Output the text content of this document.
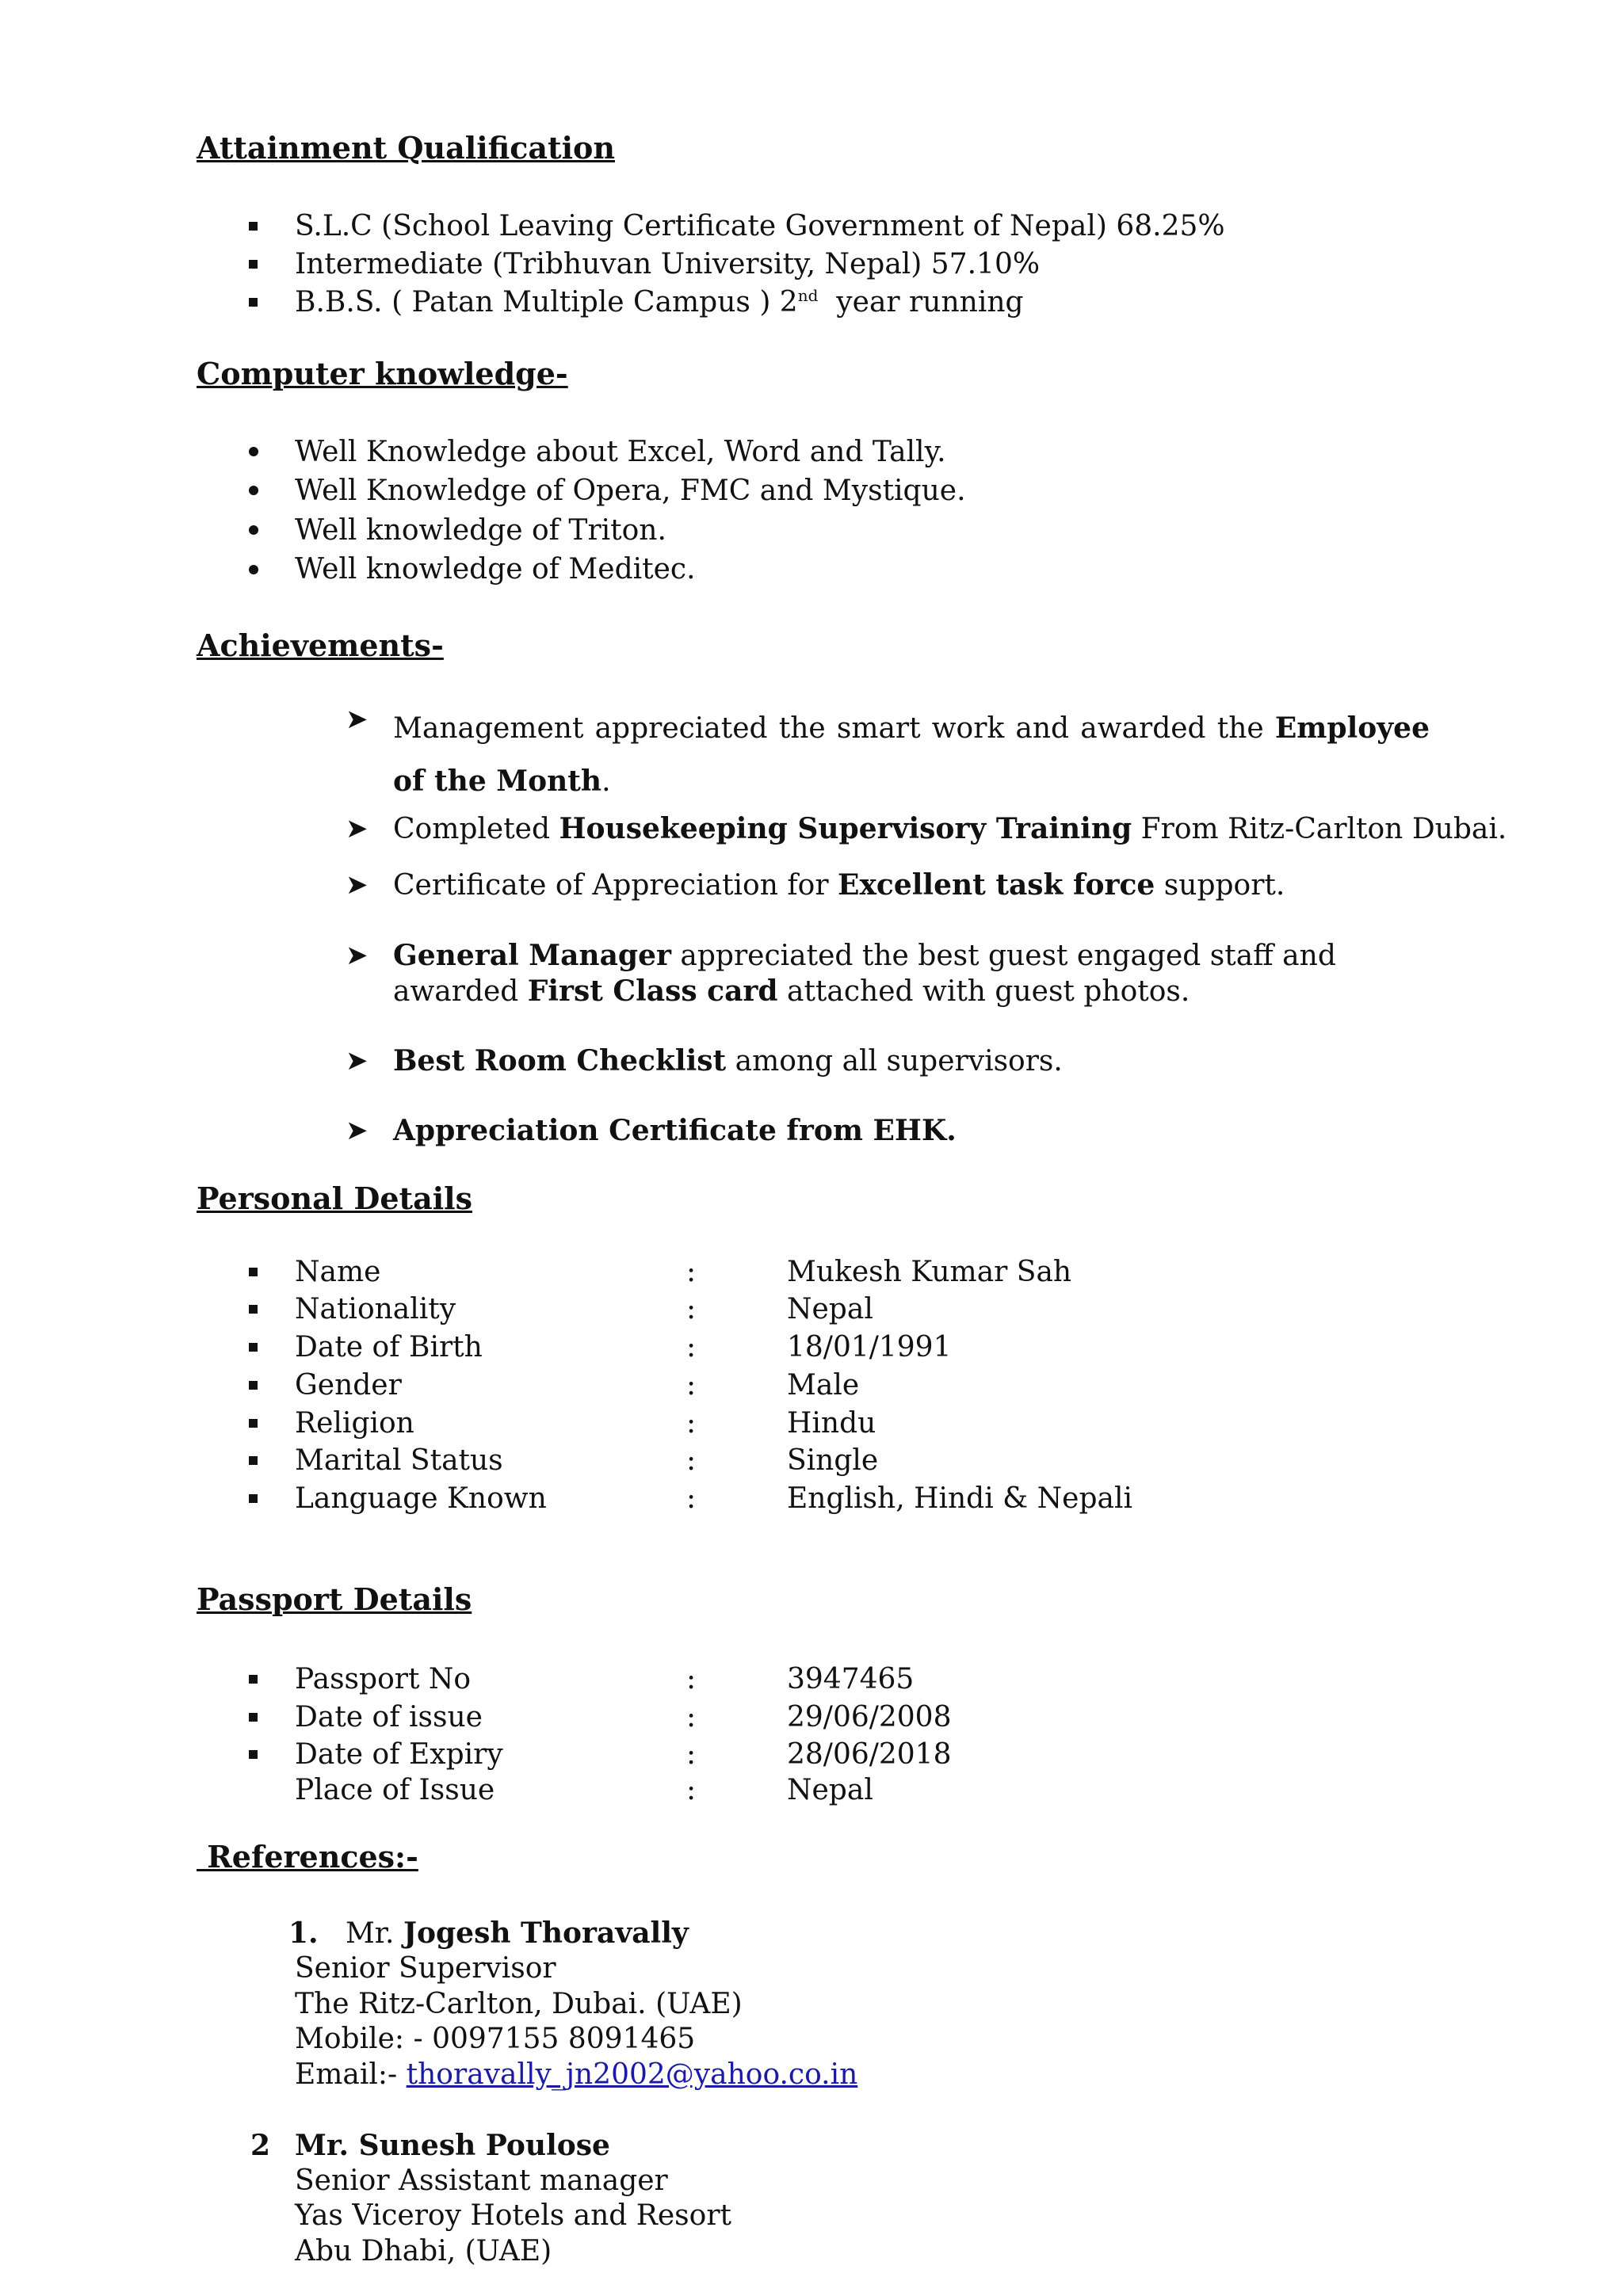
Attainment Qualification
S.L.C (School Leaving Certificate Government of Nepal) 68.25%
Intermediate (Tribhuvan University, Nepal) 57.10%
B.B.S. ( Patan Multiple Campus ) 2nd year running
Computer knowledge-
Well Knowledge about Excel, Word and Tally.
Well Knowledge of Opera, FMC and Mystique.
Well knowledge of Triton.
Well knowledge of Meditec.
Achievements-
➤ Management appreciated the smart work and awarded the Employee of the Month.
➤ Completed Housekeeping Supervisory Training From Ritz-Carlton Dubai.
➤ Certificate of Appreciation for Excellent task force support.
➤ General Manager appreciated the best guest engaged staff and awarded First Class card attached with guest photos.
➤ Best Room Checklist among all supervisors.
➤ Appreciation Certificate from EHK.
Personal Details
Name	:	Mukesh Kumar Sah
Nationality	:	Nepal
Date of Birth	:	18/01/1991
Gender	:	Male
Religion	:	Hindu
Marital Status	:	Single
Language Known	:	English, Hindi & Nepali
Passport Details
Passport No	:	3947465
Date of issue	:	29/06/2008
Date of Expiry	:	28/06/2018
Place of Issue	:	Nepal
References:-
1. Mr. Jogesh Thoravally
Senior Supervisor
The Ritz-Carlton, Dubai. (UAE)
Mobile: - 0097155 8091465
Email:- thoravally_jn2002@yahoo.co.in
2 Mr. Sunesh Poulose
Senior Assistant manager
Yas Viceroy Hotels and Resort
Abu Dhabi, (UAE)
